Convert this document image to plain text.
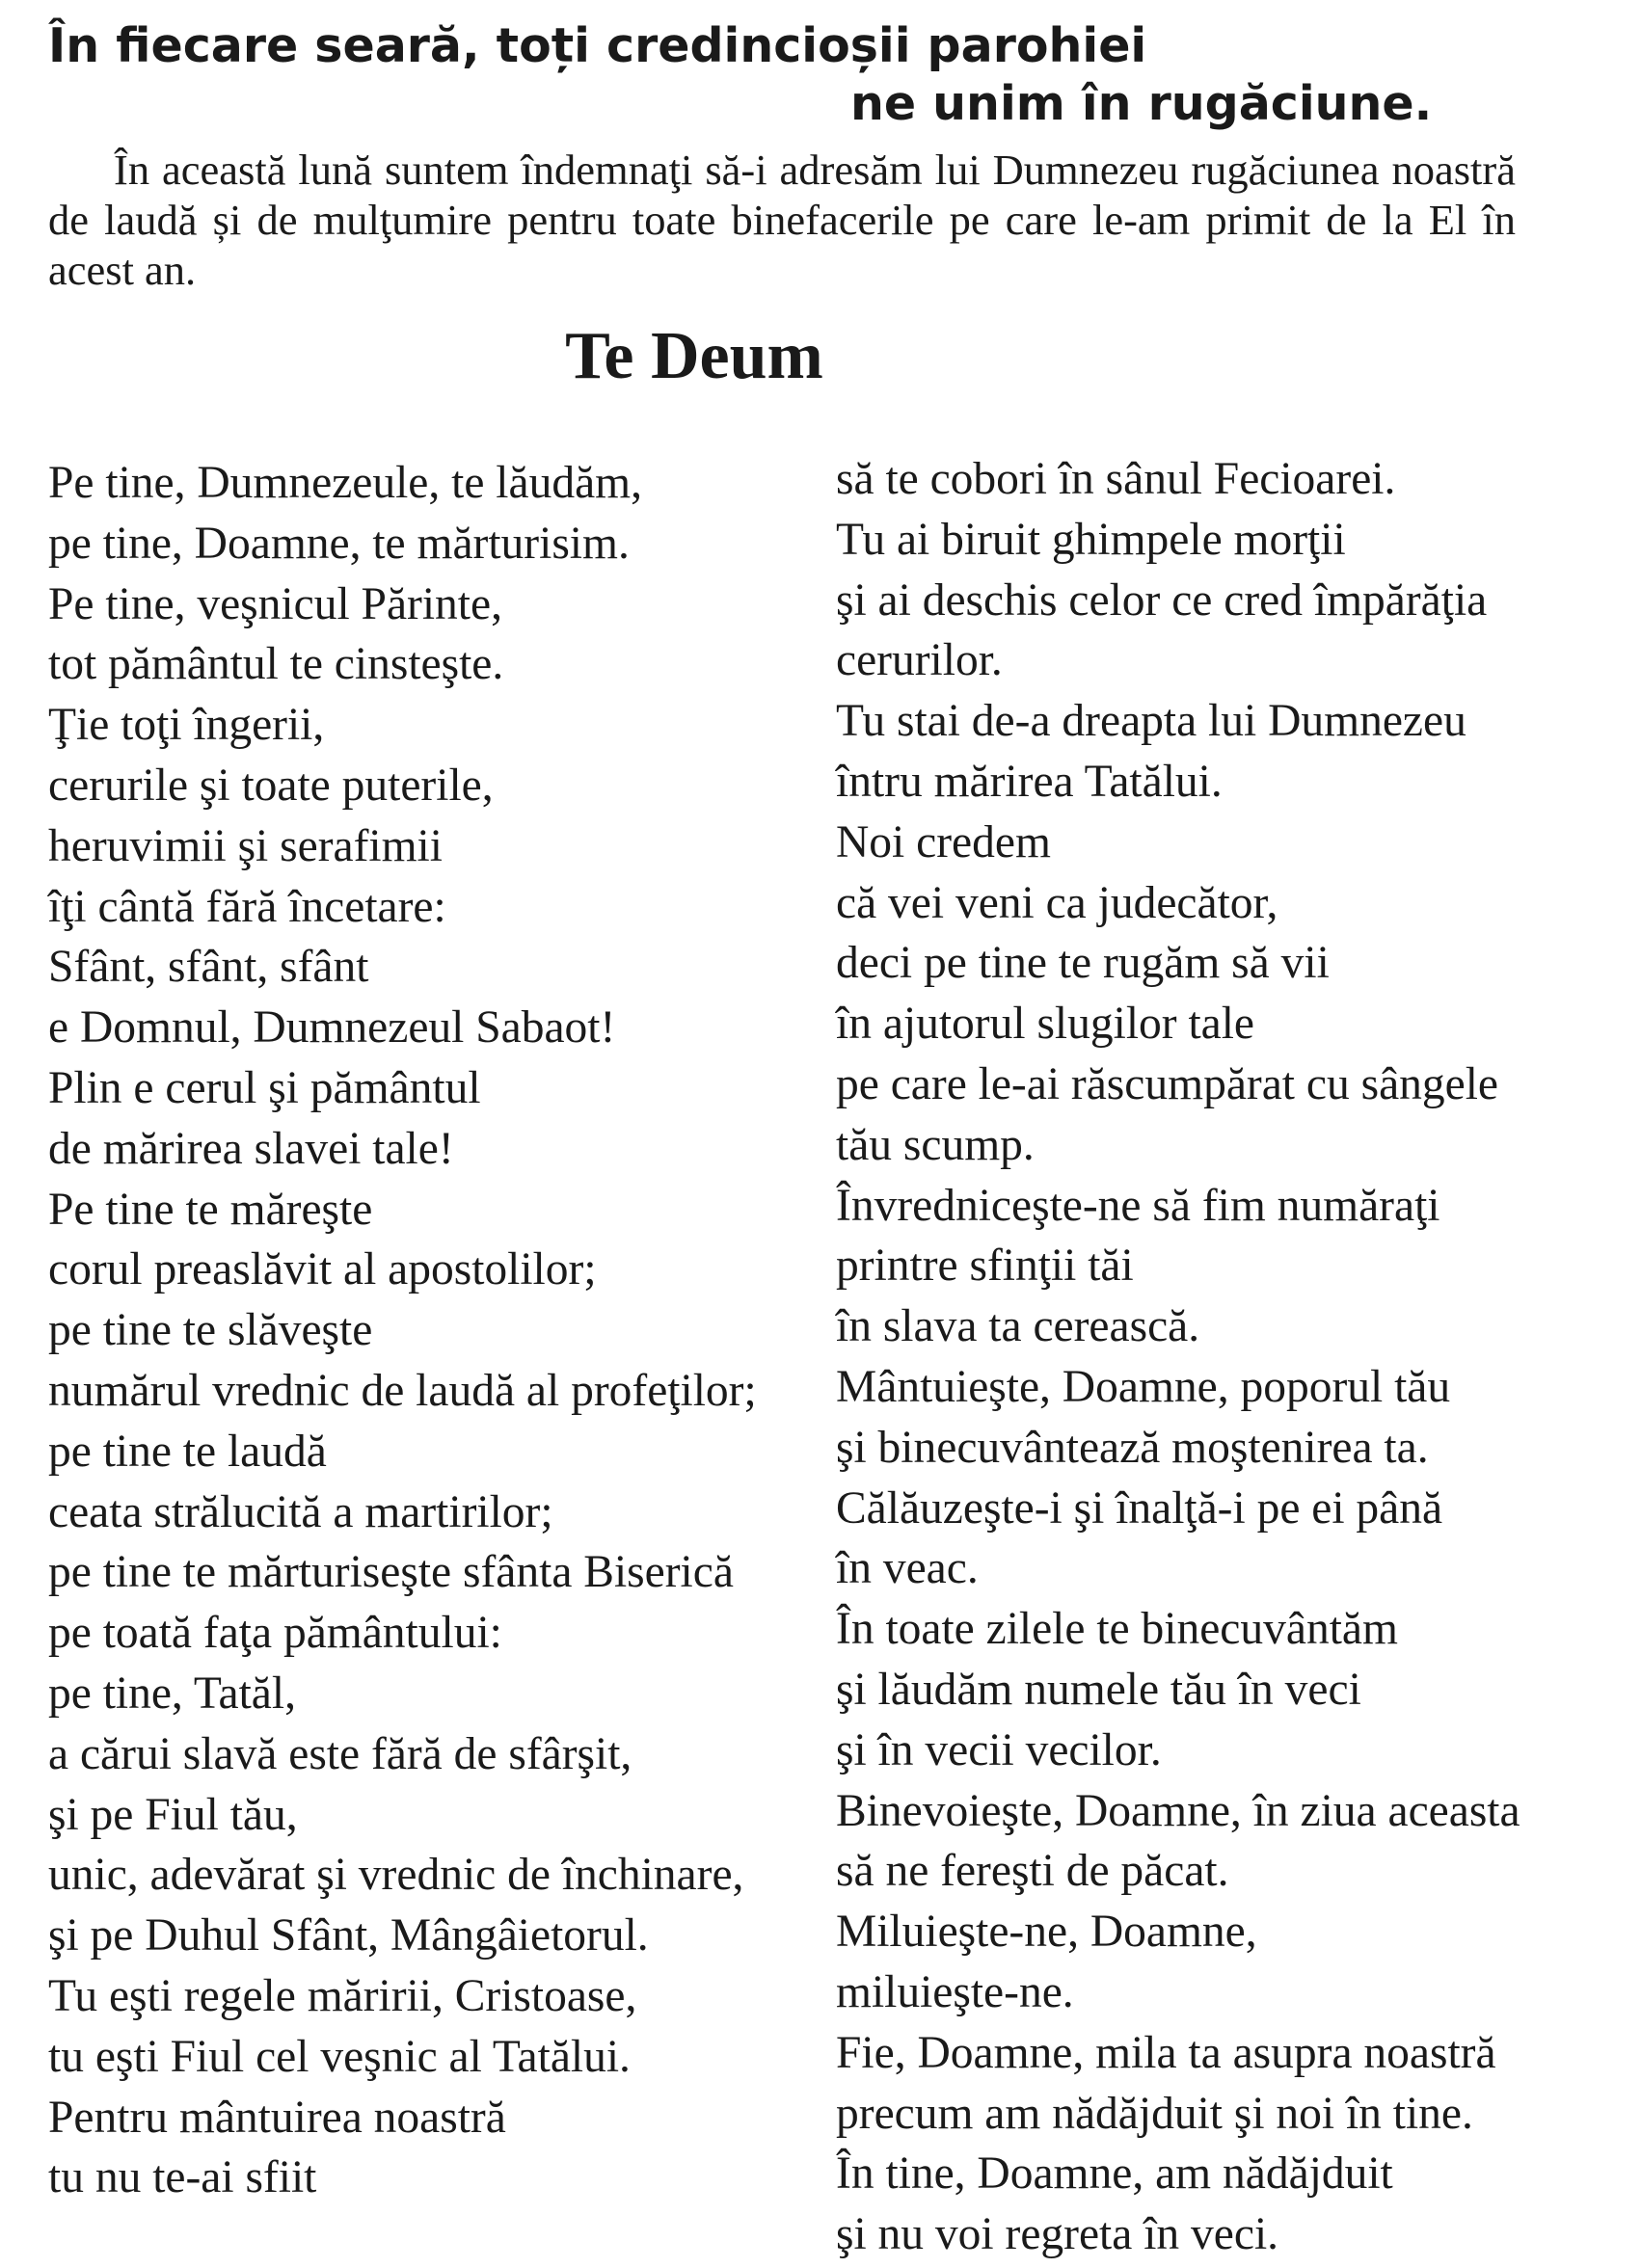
În fiecare seară, toți credincioșii parohiei
ne unim în rugăciune.

În această lună suntem îndemnaţi să-i adresăm lui Dumnezeu rugăciunea noastră de laudă și de mulţumire pentru toate binefacerile pe care le-am primit de la El în acest an.

Te Deum
Pe tine, Dumnezeule, te lăudăm,
pe tine, Doamne, te mărturisim.
Pe tine, veşnicul Părinte,
tot pământul te cinsteşte.
Ţie toţi îngerii,
cerurile şi toate puterile,
heruvimii şi serafimii
îţi cântă fără încetare:
Sfânt, sfânt, sfânt
e Domnul, Dumnezeul Sabaot!
Plin e cerul şi pământul
de mărirea slavei tale!
Pe tine te măreşte
corul preaslăvit al apostolilor;
pe tine te slăveşte
numărul vrednic de laudă al profeţilor;
pe tine te laudă
ceata strălucită a martirilor;
pe tine te mărturiseşte sfânta Biserică
pe toată faţa pământului:
pe tine, Tatăl,
a cărui slavă este fără de sfârşit,
şi pe Fiul tău,
unic, adevărat şi vrednic de închinare,
şi pe Duhul Sfânt, Mângâietorul.
Tu eşti regele măririi, Cristoase,
tu eşti Fiul cel veşnic al Tatălui.
Pentru mântuirea noastră
tu nu te-ai sfiit
să te cobori în sânul Fecioarei.
Tu ai biruit ghimpele morţii
şi ai deschis celor ce cred împărăţia
cerurilor.
Tu stai de-a dreapta lui Dumnezeu
întru mărirea Tatălui.
Noi credem
că vei veni ca judecător,
deci pe tine te rugăm să vii
în ajutorul slugilor tale
pe care le-ai răscumpărat cu sângele
tău scump.
Învredniceşte-ne să fim număraţi
printre sfinţii tăi
în slava ta cerească.
Mântuieşte, Doamne, poporul tău
şi binecuvântează moştenirea ta.
Călăuzeşte-i şi înalţă-i pe ei până
în veac.
În toate zilele te binecuvântăm
şi lăudăm numele tău în veci
şi în vecii vecilor.
Binevoieşte, Doamne, în ziua aceasta
să ne fereşti de păcat.
Miluieşte-ne, Doamne,
miluieşte-ne.
Fie, Doamne, mila ta asupra noastră
precum am nădăjduit şi noi în tine.
În tine, Doamne, am nădăjduit
şi nu voi regreta în veci.
